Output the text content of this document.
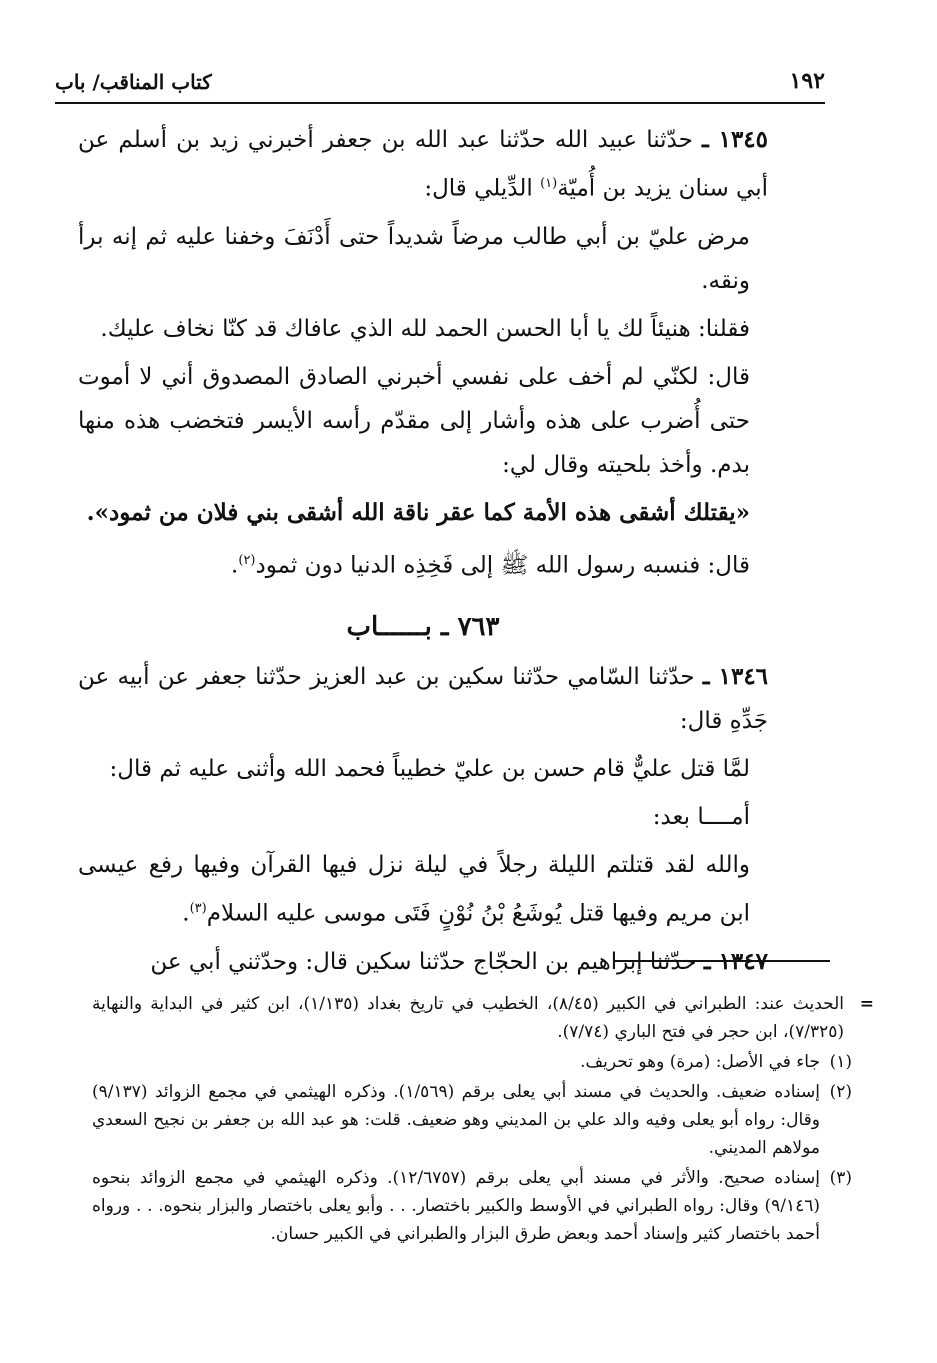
١٩٢
كتاب المناقب/ باب

١٣٤٥ ـ حدّثنا عبيد الله حدّثنا عبد الله بن جعفر أخبرني زيد بن أسلم عن أبي سنان يزيد بن أُميّة$^{(١)}$ الدِّيلي قال:

مرض عليّ بن أبي طالب مرضاً شديداً حتى أَدْنَفَ وخفنا عليه ثم إنه برأ ونقه.

فقلنا: هنيئاً لك يا أبا الحسن الحمد لله الذي عافاك قد كنّا نخاف عليك.

قال: لكنّي لم أخف على نفسي أخبرني الصادق المصدوق أني لا أموت حتى أُضرب على هذه وأشار إلى مقدّم رأسه الأيسر فتخضب هذه منها بدم. وأخذ بلحيته وقال لي:

«يقتلك أشقى هذه الأمة كما عقر ناقة الله أشقى بني فلان من ثمود».

قال: فنسبه رسول الله ﷺ إلى فَخِذِه الدنيا دون ثمود$^{(٢)}$.

٧٦٣ ـ بــــــاب

١٣٤٦ ـ حدّثنا السّامي حدّثنا سكين بن عبد العزيز حدّثنا جعفر عن أبيه عن جَدِّهِ قال:

لمَّا قتل عليٌّ قام حسن بن عليّ خطيباً فحمد الله وأثنى عليه ثم قال:

أمــــا بعد:

والله لقد قتلتم الليلة رجلاً في ليلة نزل فيها القرآن وفيها رفع عيسى ابن مريم وفيها قتل يُوشَعُ بْنُ نُوْنٍ فَتَى موسى عليه السلام$^{(٣)}$.

١٣٤٧ ـ حدّثنا إبراهيم بن الحجّاج حدّثنا سكين قال: وحدّثني أبي عن

=
الحديث عند: الطبراني في الكبير (٨/٤٥)، الخطيب في تاريخ بغداد (١/١٣٥)، ابن كثير في البداية والنهاية (٧/٣٢٥)، ابن حجر في فتح الباري (٧/٧٤).

(١)
جاء في الأصل: (مرة) وهو تحريف.

(٢)
إسناده ضعيف. والحديث في مسند أبي يعلى برقم (١/٥٦٩). وذكره الهيثمي في مجمع الزوائد (٩/١٣٧) وقال: رواه أبو يعلى وفيه والد علي بن المديني وهو ضعيف. قلت: هو عبد الله بن جعفر بن نجيح السعدي مولاهم المديني.

(٣)
إسناده صحيح. والأثر في مسند أبي يعلى برقم (١٢/٦٧٥٧). وذكره الهيثمي في مجمع الزوائد بنحوه (٩/١٤٦) وقال: رواه الطبراني في الأوسط والكبير باختصار. . . وأبو يعلى باختصار والبزار بنحوه. . . ورواه أحمد باختصار كثير وإسناد أحمد وبعض طرق البزار والطبراني في الكبير حسان.
